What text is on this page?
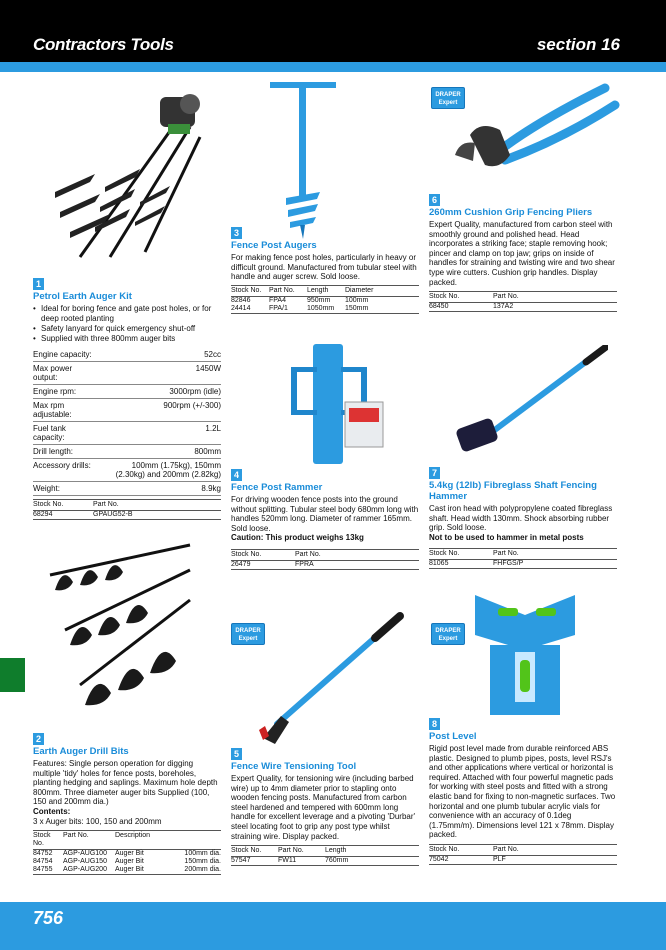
Contractors Tools	section 16
DRAPER
Expert
DRAPER
Expert
DRAPER
Expert
1
Petrol Earth Auger Kit
• Ideal for boring fence and gate post holes, or for deep rooted planting
• Safety lanyard for quick emergency shut-off
• Supplied with three 800mm auger bits
Engine capacity:	52cc
Max power output:	1450W
Engine rpm:	3000rpm (idle)
Max rpm adjustable:	900rpm (+/-300)
Fuel tank capacity:	1.2L
Drill length:	800mm
Accessory drills:	100mm (1.75kg), 150mm (2.30kg) and 200mm (2.82kg)
Weight:	8.9kg
Stock No.	Part No.
68294	GPAUG52-B
2
Earth Auger Drill Bits

Features: Single person operation for digging multiple 'tidy' holes for fence posts, boreholes, planting hedging and saplings. Maximum hole depth 800mm. Three diameter auger bits Supplied (100, 150 and 200mm dia.)

Contents:
3 x Auger bits: 100, 150 and 200mm
Stock No.	Part No.	Description	
84752	AGP-AUG100	Auger Bit	100mm dia.
84754	AGP-AUG150	Auger Bit	150mm dia.
84755	AGP-AUG200	Auger Bit	200mm dia.
3
Fence Post Augers

For making fence post holes, particularly in heavy or difficult ground. Manufactured from tubular steel with handle and auger screw. Sold loose.

Stock No.	Part No.	Length	Diameter
82846	FPA4	950mm	100mm
24414	FPA/1	1050mm	150mm
4
Fence Post Rammer

For driving wooden fence posts into the ground without splitting. Tubular steel body 680mm long with handles 520mm long. Diameter of rammer 165mm. Sold loose.

Caution: This product weighs 13kg
Stock No.	Part No.
26479	FPRA
5
Fence Wire Tensioning Tool

Expert Quality, for tensioning wire (including barbed wire) up to 4mm diameter prior to stapling onto wooden fencing posts. Manufactured from carbon steel hardened and tempered with 600mm long handle for excellent leverage and a pivoting 'Durbar' steel locating foot to grip any post type whilst straining wire. Display packed.

Stock No.	Part No.	Length
57547	FW11	760mm
6
260mm Cushion Grip Fencing Pliers

Expert Quality, manufactured from carbon steel with smoothly ground and polished head. Head incorporates a striking face; staple removing hook; pincer and clamp on top jaw; grips on inside of handles for straining and twisting wire and two shear type wire cutters. Cushion grip handles. Display packed.

Stock No.	Part No.
68450	137A2
7
5.4kg (12lb) Fibreglass Shaft Fencing Hammer

Cast iron head with polypropylene coated fibreglass shaft. Head width 130mm. Shock absorbing rubber grip. Sold loose.

Not to be used to hammer in metal posts
Stock No.	Part No.
81065	FHFGS/P
8
Post Level

Rigid post level made from durable reinforced ABS plastic. Designed to plumb pipes, posts, level RSJ's and other applications where vertical or horizontal is required. Attached with four powerful magnetic pads for working with steel posts and fitted with a strong elastic band for fixing to non-magnetic surfaces. Two horizontal and one plumb tubular acrylic vials for convenience with an accuracy of 0.1deg (1.75mm/m). Dimensions level 121 x 78mm. Display packed.

Stock No.	Part No.
75042	PLF
756
